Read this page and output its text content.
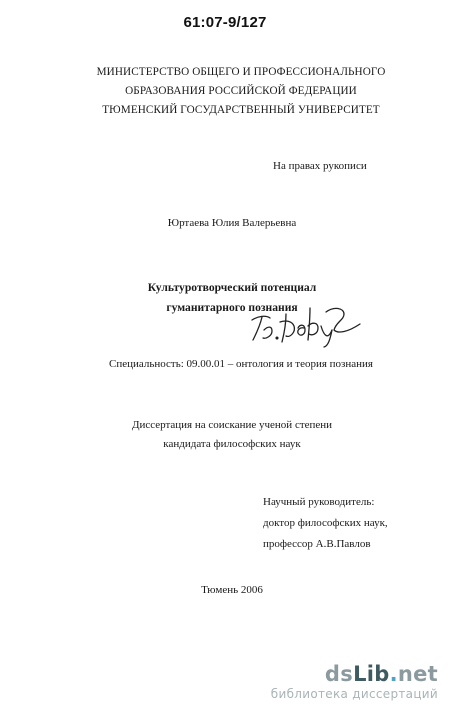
61:07-9/127
МИНИСТЕРСТВО ОБЩЕГО И ПРОФЕССИОНАЛЬНОГО
ОБРАЗОВАНИЯ РОССИЙСКОЙ ФЕДЕРАЦИИ
ТЮМЕНСКИЙ ГОСУДАРСТВЕННЫЙ УНИВЕРСИТЕТ
На правах рукописи
Юртаева Юлия Валерьевна
Культуротворческий потенциал
гуманитарного познания
Специальность: 09.00.01 – онтология и теория познания
Диссертация на соискание ученой степени
кандидата философских наук
Научный руководитель:
доктор философских наук,
профессор А.В.Павлов
Тюмень 2006
dsLib.net
библиотека диссертаций
